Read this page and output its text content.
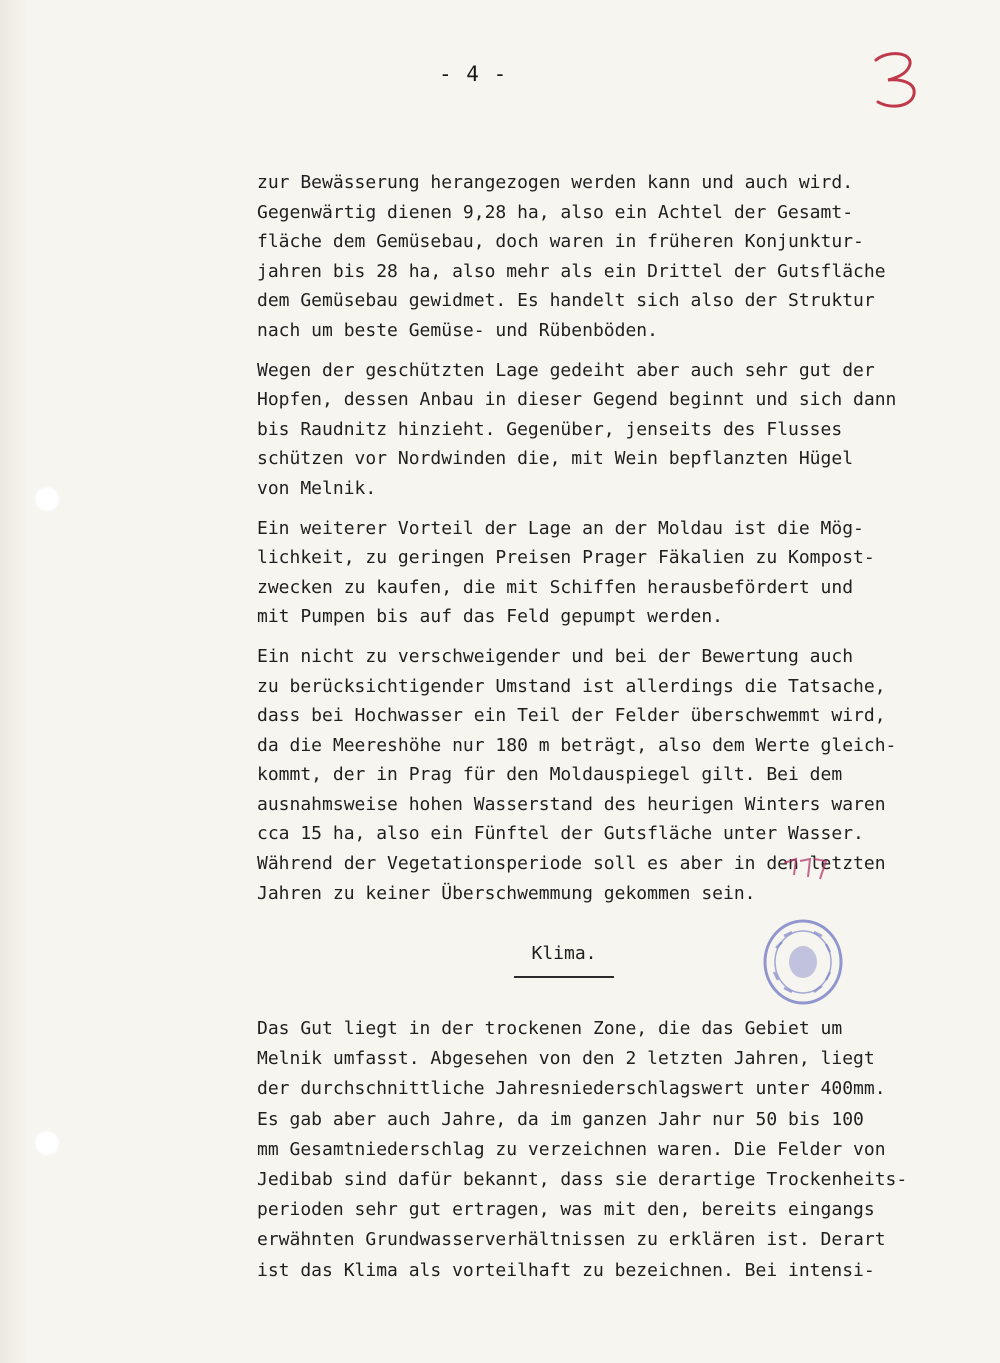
- 4 -
zur Bewässerung herangezogen werden kann und auch wird.
Gegenwärtig dienen 9,28 ha, also ein Achtel der Gesamt-
fläche dem Gemüsebau, doch waren in früheren Konjunktur-
jahren bis 28 ha, also mehr als ein Drittel der Gutsfläche
dem Gemüsebau gewidmet. Es handelt sich also der Struktur
nach um beste Gemüse- und Rübenböden.
Wegen der geschützten Lage gedeiht aber auch sehr gut der
Hopfen, dessen Anbau in dieser Gegend beginnt und sich dann
bis Raudnitz hinzieht. Gegenüber, jenseits des Flusses
schützen vor Nordwinden die, mit Wein bepflanzten Hügel
von Melnik.
Ein weiterer Vorteil der Lage an der Moldau ist die Mög-
lichkeit, zu geringen Preisen Prager Fäkalien zu Kompost-
zwecken zu kaufen, die mit Schiffen herausbefördert und
mit Pumpen bis auf das Feld gepumpt werden.
Ein nicht zu verschweigender und bei der Bewertung auch
zu berücksichtigender Umstand ist allerdings die Tatsache,
dass bei Hochwasser ein Teil der Felder überschwemmt wird,
da die Meereshöhe nur 180 m beträgt, also dem Werte gleich-
kommt, der in Prag für den Moldauspiegel gilt. Bei dem
ausnahmsweise hohen Wasserstand des heurigen Winters waren
cca 15 ha, also ein Fünftel der Gutsfläche unter Wasser.
Während der Vegetationsperiode soll es aber in den letzten
Jahren zu keiner Überschwemmung gekommen sein.
Klima.
Das Gut liegt in der trockenen Zone, die das Gebiet um
Melnik umfasst. Abgesehen von den 2 letzten Jahren, liegt
der durchschnittliche Jahresniederschlagswert unter 400mm.
Es gab aber auch Jahre, da im ganzen Jahr nur 50 bis 100
mm Gesamtniederschlag zu verzeichnen waren. Die Felder von
Jedibab sind dafür bekannt, dass sie derartige Trockenheits-
perioden sehr gut ertragen, was mit den, bereits eingangs
erwähnten Grundwasserverhältnissen zu erklären ist. Derart
ist das Klima als vorteilhaft zu bezeichnen. Bei intensi-
